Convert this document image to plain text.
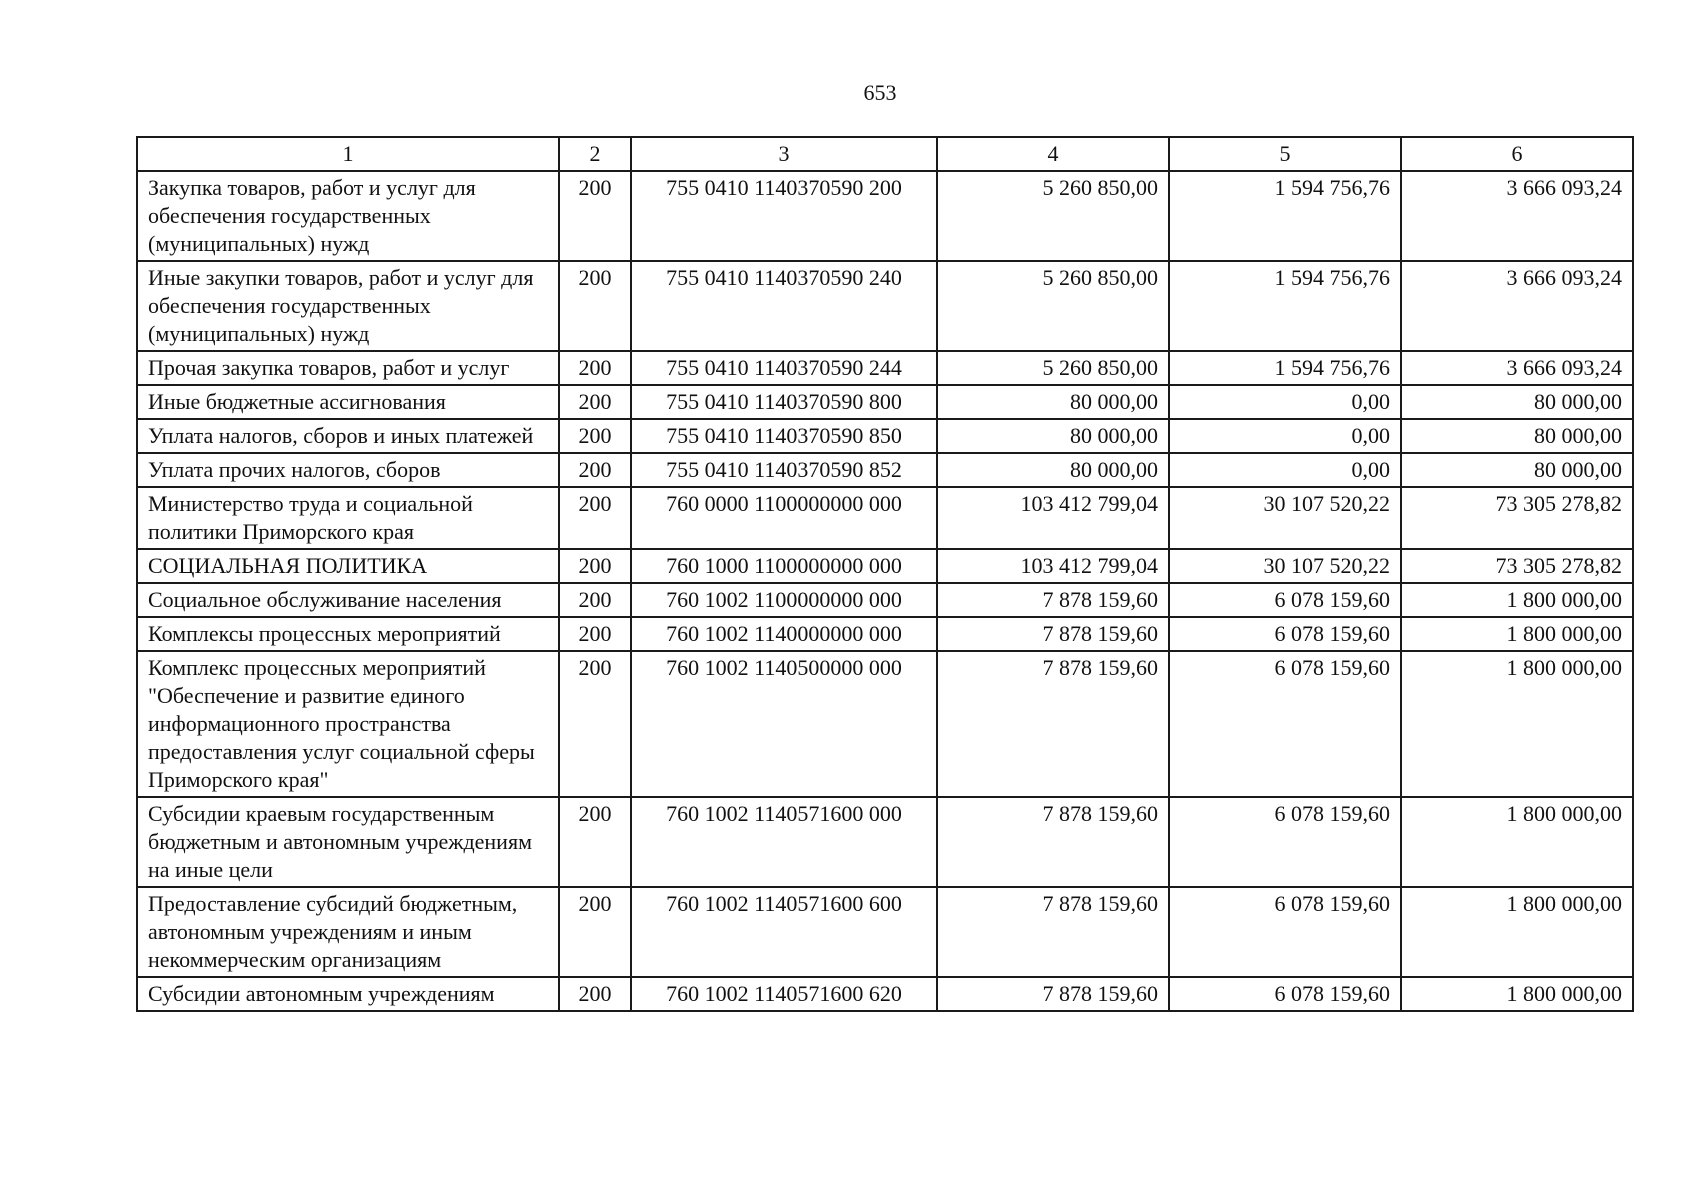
653
1	2	3	4	5	6
Закупка товаров, работ и услуг для обеспечения государственных (муниципальных) нужд	200	755 0410 1140370590 200	5 260 850,00	1 594 756,76	3 666 093,24
Иные закупки товаров, работ и услуг для обеспечения государственных (муниципальных) нужд	200	755 0410 1140370590 240	5 260 850,00	1 594 756,76	3 666 093,24
Прочая закупка товаров, работ и услуг	200	755 0410 1140370590 244	5 260 850,00	1 594 756,76	3 666 093,24
Иные бюджетные ассигнования	200	755 0410 1140370590 800	80 000,00	0,00	80 000,00
Уплата налогов, сборов и иных платежей	200	755 0410 1140370590 850	80 000,00	0,00	80 000,00
Уплата прочих налогов, сборов	200	755 0410 1140370590 852	80 000,00	0,00	80 000,00
Министерство труда и социальной политики Приморского края	200	760 0000 1100000000 000	103 412 799,04	30 107 520,22	73 305 278,82
СОЦИАЛЬНАЯ ПОЛИТИКА	200	760 1000 1100000000 000	103 412 799,04	30 107 520,22	73 305 278,82
Социальное обслуживание населения	200	760 1002 1100000000 000	7 878 159,60	6 078 159,60	1 800 000,00
Комплексы процессных мероприятий	200	760 1002 1140000000 000	7 878 159,60	6 078 159,60	1 800 000,00
Комплекс процессных мероприятий "Обеспечение и развитие единого информационного пространства предоставления услуг социальной сферы Приморского края"	200	760 1002 1140500000 000	7 878 159,60	6 078 159,60	1 800 000,00
Субсидии краевым государственным бюджетным и автономным учреждениям на иные цели	200	760 1002 1140571600 000	7 878 159,60	6 078 159,60	1 800 000,00
Предоставление субсидий бюджетным, автономным учреждениям и иным некоммерческим организациям	200	760 1002 1140571600 600	7 878 159,60	6 078 159,60	1 800 000,00
Субсидии автономным учреждениям	200	760 1002 1140571600 620	7 878 159,60	6 078 159,60	1 800 000,00
